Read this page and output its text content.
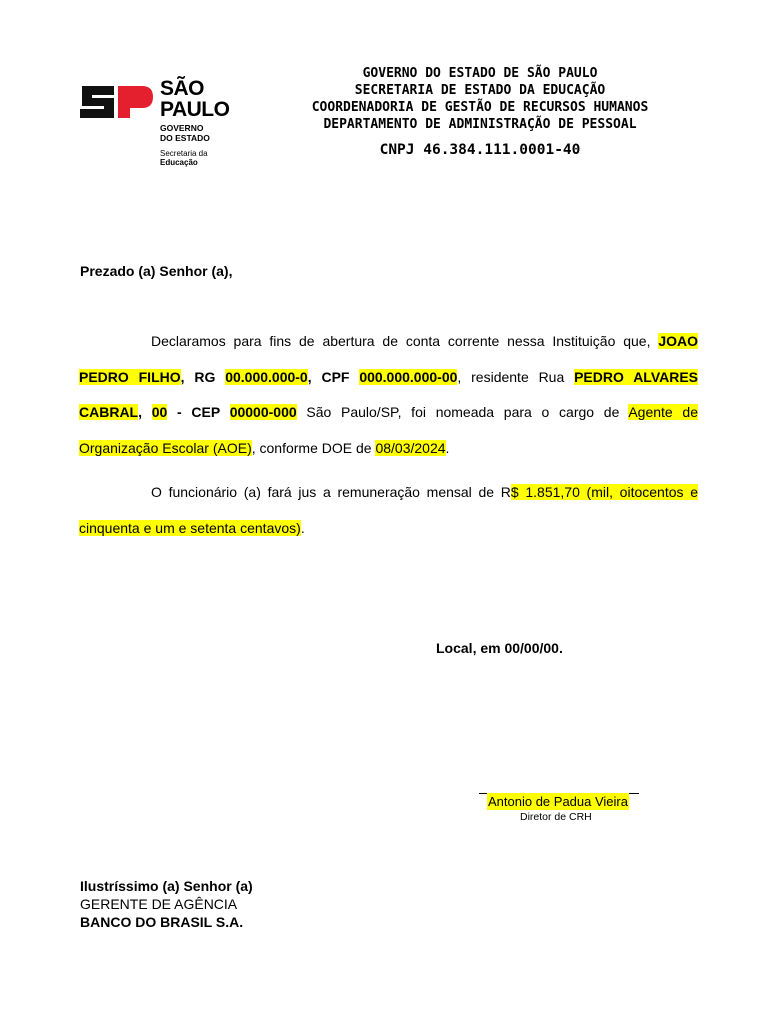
SÃO
PAULO
GOVERNO
DO ESTADO
Secretaria da
Educação
GOVERNO DO ESTADO DE SÃO PAULO
SECRETARIA DE ESTADO DA EDUCAÇÃO
COORDENADORIA DE GESTÃO DE RECURSOS HUMANOS
DEPARTAMENTO DE ADMINISTRAÇÃO DE PESSOAL
CNPJ 46.384.111.0001-40
Prezado (a) Senhor (a),
Declaramos para fins de abertura de conta corrente nessa Instituição que, JOAO PEDRO FILHO, RG 00.000.000-0, CPF 000.000.000-00, residente Rua PEDRO ALVARES CABRAL, 00 - CEP 00000-000 São Paulo/SP, foi nomeada para o cargo de Agente de Organização Escolar (AOE), conforme DOE de 08/03/2024.
O funcionário (a) fará jus a remuneração mensal de R$ 1.851,70 (mil, oitocentos e cinquenta e um e setenta centavos).
Local, em 00/00/00.
Antonio de Padua Vieira
Diretor de CRH
Ilustríssimo (a) Senhor (a)
GERENTE DE AGÊNCIA
BANCO DO BRASIL S.A.
